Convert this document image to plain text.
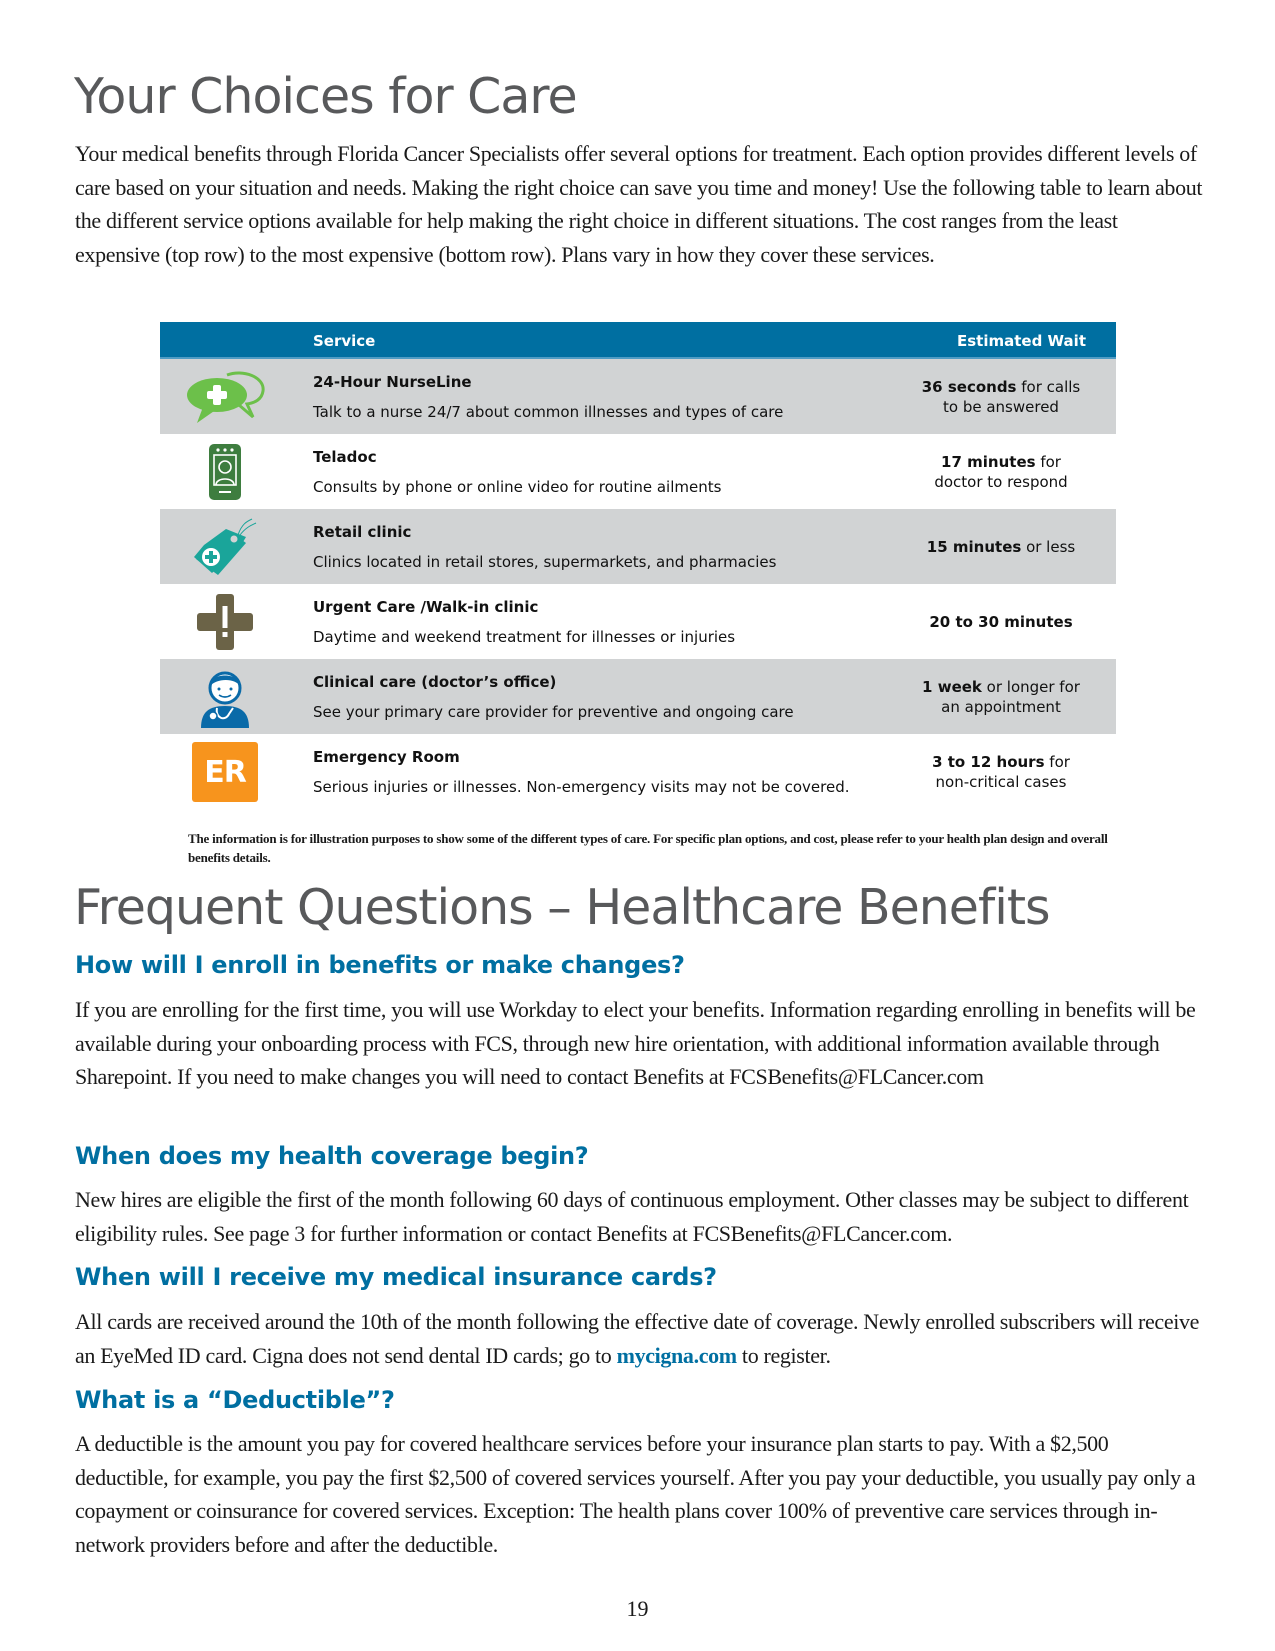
Your Choices for Care

Your medical benefits through Florida Cancer Specialists offer several options for treatment. Each option provides different levels of care based on your situation and needs. Making the right choice can save you time and money! Use the following table to learn about the different service options available for help making the right choice in different situations. The cost ranges from the least expensive (top row) to the most expensive (bottom row). Plans vary in how they cover these services.

Service	Estimated Wait
24-Hour NurseLine
Talk to a nurse 24/7 about common illnesses and types of care
36 seconds for calls
to be answered
Teladoc
Consults by phone or online video for routine ailments
17 minutes for
doctor to respond
Retail clinic
Clinics located in retail stores, supermarkets, and pharmacies
15 minutes or less
Urgent Care /Walk-in clinic
Daytime and weekend treatment for illnesses or injuries
20 to 30 minutes
Clinical care (doctor’s office)
See your primary care provider for preventive and ongoing care
1 week or longer for
an appointment
ER	Emergency Room
Serious injuries or illnesses. Non-emergency visits may not be covered.
3 to 12 hours for
non-critical cases

The information is for illustration purposes to show some of the different types of care. For specific plan options, and cost, please refer to your health plan design and overall benefits details.

Frequent Questions – Healthcare Benefits
How will I enroll in benefits or make changes?

If you are enrolling for the first time, you will use Workday to elect your benefits. Information regarding enrolling in benefits will be available during your onboarding process with FCS, through new hire orientation, with additional information available through Sharepoint. If you need to make changes you will need to contact Benefits at FCSBenefits@FLCancer.com

When does my health coverage begin?

New hires are eligible the first of the month following 60 days of continuous employment. Other classes may be subject to different eligibility rules. See page 3 for further information or contact Benefits at FCSBenefits@FLCancer.com.

When will I receive my medical insurance cards?

All cards are received around the 10th of the month following the effective date of coverage. Newly enrolled subscribers will receive an EyeMed ID card. Cigna does not send dental ID cards; go to mycigna.com to register.

What is a “Deductible”?

A deductible is the amount you pay for covered healthcare services before your insurance plan starts to pay. With a $2,500 deductible, for example, you pay the first $2,500 of covered services yourself. After you pay your deductible, you usually pay only a copayment or coinsurance for covered services. Exception: The health plans cover 100% of preventive care services through in-network providers before and after the deductible.

19
